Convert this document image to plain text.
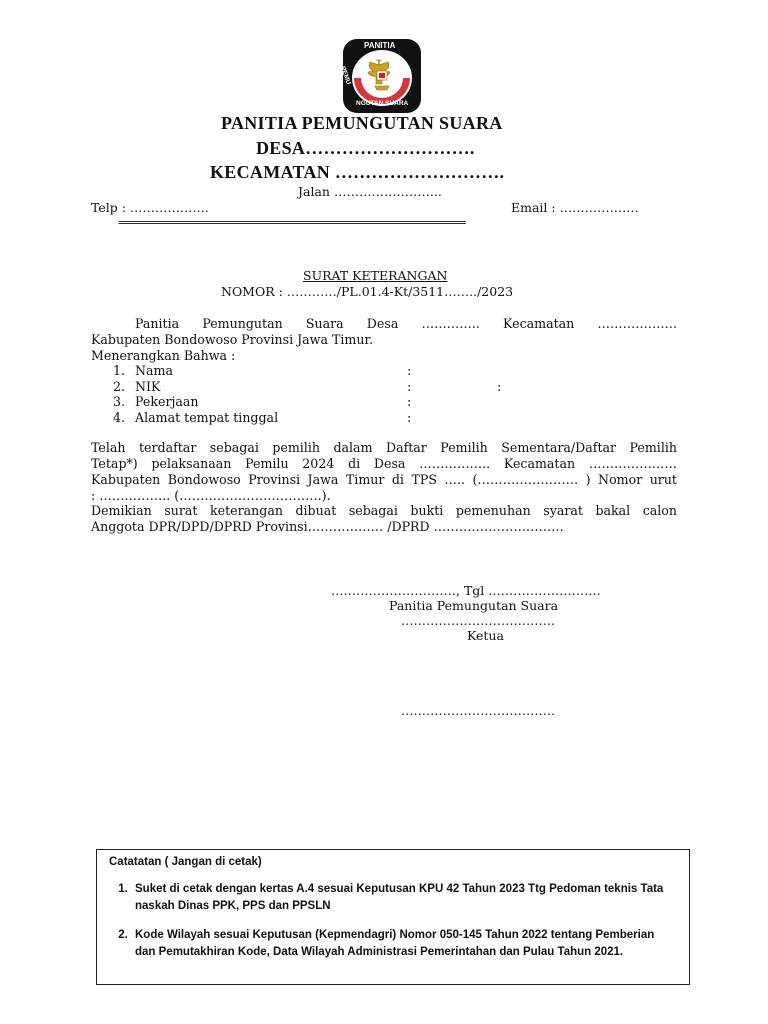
PANITIA
PEMU
NGUTAN SUARA
PANITIA PEMUNGUTAN SUARA
DESA……………………….
KECAMATAN ……………………….
Jalan ……………………..
Telp : ……………….	Email : ……………….
================================================================
SURAT KETERANGAN
NOMOR : …………/PL.01.4-Kt/3511……../2023
Panitia Pemungutan Suara Desa ………….. Kecamatan ……………….
Kabupaten Bondowoso Provinsi Jawa Timur.
Menerangkan Bahwa :
1. Nama	:
2. NIK	:	:
3. Pekerjaan	:
4. Alamat tempat tinggal	:
Telah terdaftar sebagai pemilih dalam Daftar Pemilih Sementara/Daftar Pemilih
Tetap*) pelaksanaan Pemilu 2024 di Desa …………….. Kecamatan …………………
Kabupaten Bondowoso Provinsi Jawa Timur di TPS ….. (…………………… ) Nomor urut
: …………….. (…………………………….).
Demikian surat keterangan dibuat sebagai bukti pemenuhan syarat bakal calon
Anggota DPR/DPD/DPRD Provinsi……………… /DPRD ………………………….
…………………………, Tgl ………………………
Panitia Pemungutan Suara
……………………………….
Ketua
……………………………….
Catatatan ( Jangan di cetak)
1. Suket di cetak dengan kertas A.4 sesuai Keputusan KPU 42 Tahun 2023 Ttg Pedoman teknis Tata naskah Dinas PPK, PPS dan PPSLN
2. Kode Wilayah sesuai Keputusan (Kepmendagri) Nomor 050-145 Tahun 2022 tentang Pemberian dan Pemutakhiran Kode, Data Wilayah Administrasi Pemerintahan dan Pulau Tahun 2021.
